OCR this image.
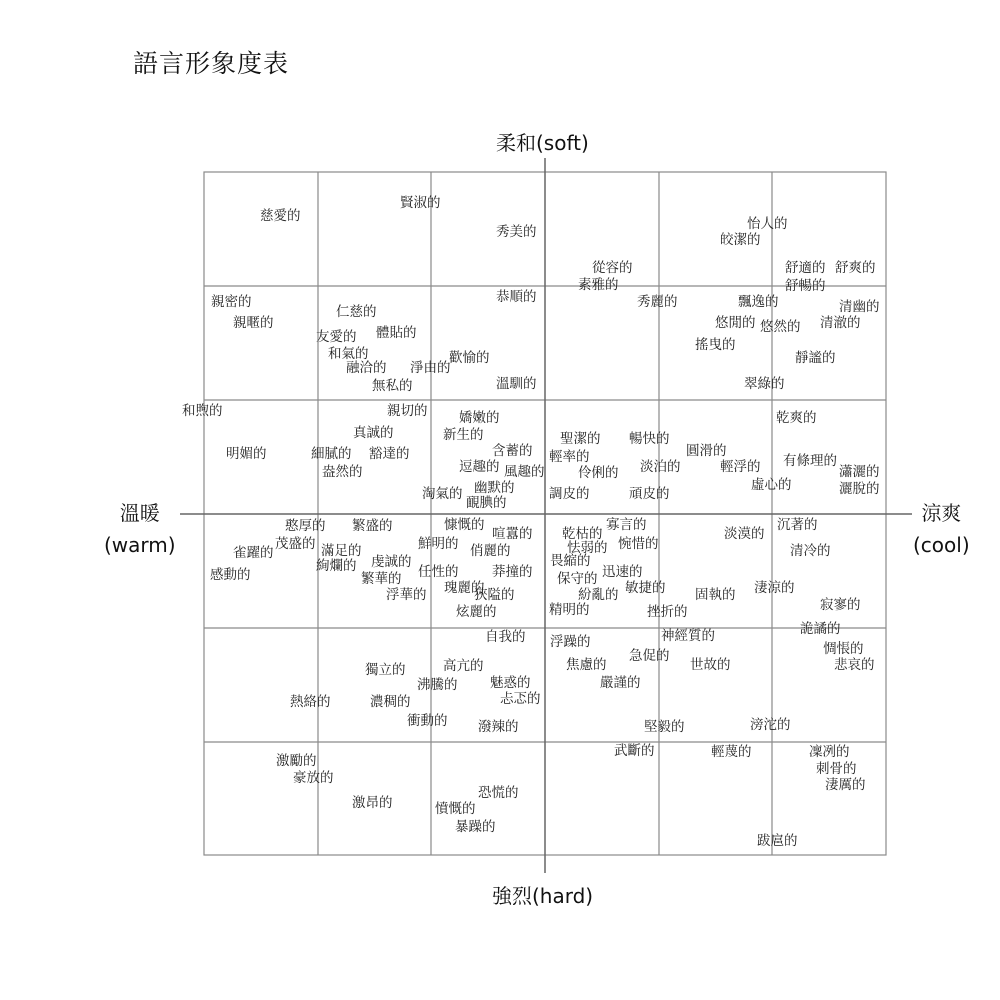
語言形象度表
柔和(soft)
強烈(hard)
溫暖
(warm)
涼爽
(cool)
慈愛的
賢淑的
秀美的	怡人的
皎潔的
從容的
素雅的
舒適的 舒爽的
舒暢的
親密的
親暱的
仁慈的
友愛的 體貼的
和氣的
融洽的 淨由的
無私的
歡愉的
恭順的
溫馴的
秀麗的	飄逸的
悠閒的 悠然的
清幽的
清澈的
搖曳的
靜謐的
翠綠的
和煦的
明媚的
親切的
真誠的
細膩的 豁達的
盎然的
嬌嫩的
新生的
含蓄的
逗趣的 風趣的
淘氣的 幽默的
靦腆的
聖潔的 暢快的
輕率的
伶俐的 淡泊的
調皮的	頑皮的
圓滑的
輕浮的
虛心的
乾爽的
有條理的
瀟灑的
灑脫的
憨厚的 繁盛的
茂盛的 滿足的
雀躍的
絢爛的 虔誠的
感動的	繁華的
浮華的
慷慨的
鮮明的
喧囂的
俏麗的
任性的 莽撞的
瑰麗的
狹隘的
炫麗的
乾枯的
寡言的
怯弱的 惋惜的
畏縮的
迅速的
保守的
紛亂的 敏捷的
精明的	挫折的
淡漠的
沉著的
清冷的
固執的 淒涼的
寂寥的
自我的
獨立的	高亢的
沸騰的 魅惑的
忐忑的
熱絡的	濃稠的
衝動的 潑辣的
浮躁的
焦慮的
急促的
神經質的
世故的
嚴謹的
堅毅的
詭譎的
惆悵的
悲哀的
滂沱的
激勵的
豪放的
激昂的
恐慌的
憤慨的
暴躁的
武斷的	輕蔑的	凜冽的
刺骨的
淒厲的
跋扈的
